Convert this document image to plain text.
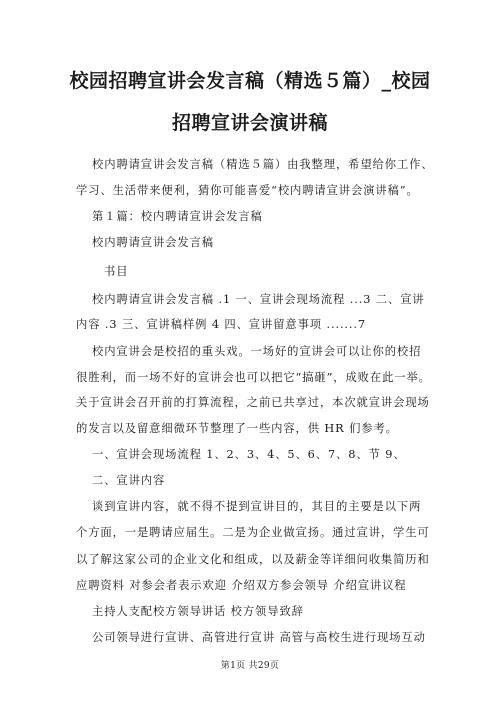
校园招聘宣讲会发言稿（精选５篇）_校园
招聘宣讲会演讲稿
校内聘请宣讲会发言稿（精选５篇）由我整理，希望给你工作、
学习、生活带来便利，猜你可能喜爱“校内聘请宣讲会演讲稿”。
第１篇：校内聘请宣讲会发言稿
校内聘请宣讲会发言稿
书目
校内聘请宣讲会发言稿 .1 一、宣讲会现场流程 ...3 二、宣讲
内容 .3 三、宣讲稿样例 4 四、宣讲留意事项 .......7
校内宣讲会是校招的重头戏。一场好的宣讲会可以让你的校招
很胜利，而一场不好的宣讲会也可以把它“搞砸”，成败在此一举。
关于宣讲会召开前的打算流程，之前已共享过，本次就宣讲会现场
的发言以及留意细微环节整理了一些内容，供 HR 们参考。
一、宣讲会现场流程 1、2、3、4、5、6、7、8、节 9、
二、宣讲内容
谈到宣讲内容，就不得不提到宣讲目的，其目的主要是以下两
个方面，一是聘请应届生。二是为企业做宣扬。通过宣讲，学生可
以了解这家公司的企业文化和组成，以及薪金等详细问收集简历和
应聘资料 对参会者表示欢迎 介绍双方参会领导 介绍宣讲议程
主持人支配校方领导讲话 校方领导致辞
公司领导进行宣讲、高管进行宣讲 高管与高校生进行现场互动
第1页 共29页
